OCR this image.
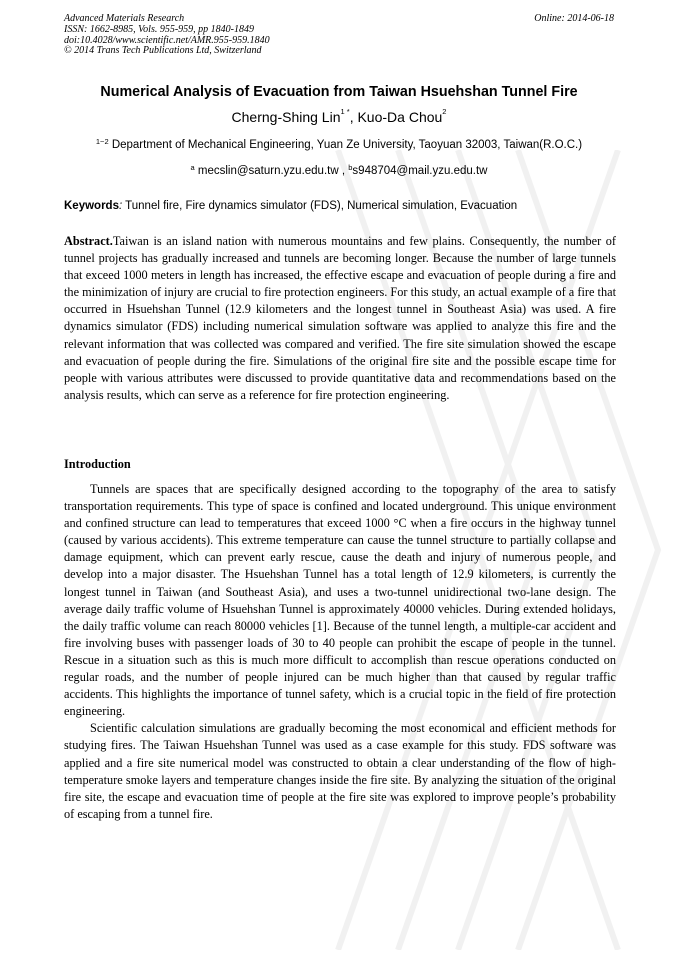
Advanced Materials Research
ISSN: 1662-8985, Vols. 955-959, pp 1840-1849
doi:10.4028/www.scientific.net/AMR.955-959.1840
© 2014 Trans Tech Publications Ltd, Switzerland
Online: 2014-06-18
Numerical Analysis of Evacuation from Taiwan Hsuehshan Tunnel Fire
Cherng-Shing Lin$^{1 *}$, Kuo-Da Chou$^2$
$^{1\sim 2}$ Department of Mechanical Engineering, Yuan Ze University, Taoyuan 32003, Taiwan(R.O.C.)
$^a$ mecslin@saturn.yzu.edu.tw , $^b$s948704@mail.yzu.edu.tw
Keywords: Tunnel fire, Fire dynamics simulator (FDS), Numerical simulation, Evacuation
Abstract.Taiwan is an island nation with numerous mountains and few plains. Consequently, the number of tunnel projects has gradually increased and tunnels are becoming longer. Because the number of large tunnels that exceed 1000 meters in length has increased, the effective escape and evacuation of people during a fire and the minimization of injury are crucial to fire protection engineers. For this study, an actual example of a fire that occurred in Hsuehshan Tunnel (12.9 kilometers and the longest tunnel in Southeast Asia) was used. A fire dynamics simulator (FDS) including numerical simulation software was applied to analyze this fire and the relevant information that was collected was compared and verified. The fire site simulation showed the escape and evacuation of people during the fire. Simulations of the original fire site and the possible escape time for people with various attributes were discussed to provide quantitative data and recommendations based on the analysis results, which can serve as a reference for fire protection engineering.
Introduction

Tunnels are spaces that are specifically designed according to the topography of the area to satisfy transportation requirements. This type of space is confined and located underground. This unique environment and confined structure can lead to temperatures that exceed 1000 °C when a fire occurs in the highway tunnel (caused by various accidents). This extreme temperature can cause the tunnel structure to partially collapse and damage equipment, which can prevent early rescue, cause the death and injury of numerous people, and develop into a major disaster. The Hsuehshan Tunnel has a total length of 12.9 kilometers, is currently the longest tunnel in Taiwan (and Southeast Asia), and uses a two-tunnel unidirectional two-lane design. The average daily traffic volume of Hsuehshan Tunnel is approximately 40000 vehicles. During extended holidays, the daily traffic volume can reach 80000 vehicles [1]. Because of the tunnel length, a multiple-car accident and fire involving buses with passenger loads of 30 to 40 people can prohibit the escape of people in the tunnel. Rescue in a situation such as this is much more difficult to accomplish than rescue operations conducted on regular roads, and the number of people injured can be much higher than that caused by regular traffic accidents. This highlights the importance of tunnel safety, which is a crucial topic in the field of fire protection engineering.

Scientific calculation simulations are gradually becoming the most economical and efficient methods for studying fires. The Taiwan Hsuehshan Tunnel was used as a case example for this study. FDS software was applied and a fire site numerical model was constructed to obtain a clear understanding of the flow of high-temperature smoke layers and temperature changes inside the fire site. By analyzing the situation of the original fire site, the escape and evacuation time of people at the fire site was explored to improve people’s probability of escaping from a tunnel fire.
